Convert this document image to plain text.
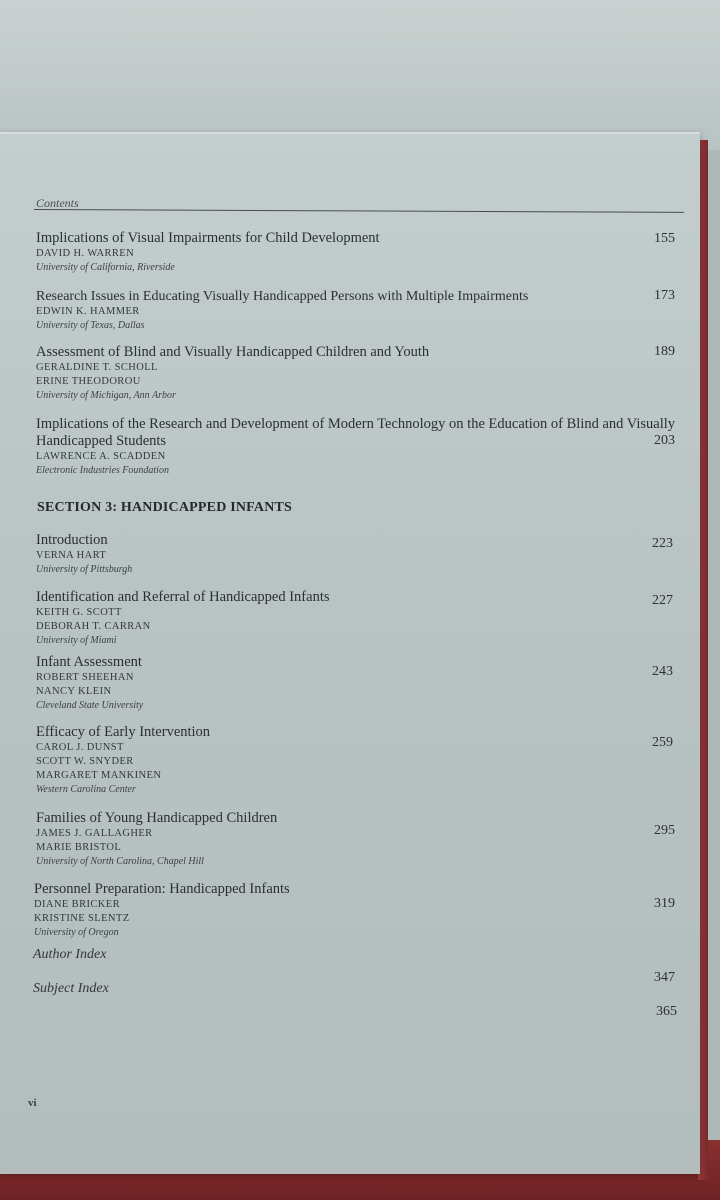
Contents
Implications of Visual Impairments for Child Development
DAVID H. WARREN
University of California, Riverside
155
Research Issues in Educating Visually Handicapped Persons with Multiple Impairments
EDWIN K. HAMMER
University of Texas, Dallas
173
Assessment of Blind and Visually Handicapped Children and Youth
GERALDINE T. SCHOLL
ERINE THEODOROU
University of Michigan, Ann Arbor
189
Implications of the Research and Development of Modern Technology on the Education of Blind and Visually Handicapped Students
LAWRENCE A. SCADDEN
Electronic Industries Foundation
203
SECTION 3: HANDICAPPED INFANTS
Introduction
VERNA HART
University of Pittsburgh
223
Identification and Referral of Handicapped Infants
KEITH G. SCOTT
DEBORAH T. CARRAN
University of Miami
227
Infant Assessment
ROBERT SHEEHAN
NANCY KLEIN
Cleveland State University
243
Efficacy of Early Intervention
CAROL J. DUNST
SCOTT W. SNYDER
MARGARET MANKINEN
Western Carolina Center
259
Families of Young Handicapped Children
JAMES J. GALLAGHER
MARIE BRISTOL
University of North Carolina, Chapel Hill
295
Personnel Preparation: Handicapped Infants
DIANE BRICKER
KRISTINE SLENTZ
University of Oregon
319
Author Index
347
Subject Index
365
vi
